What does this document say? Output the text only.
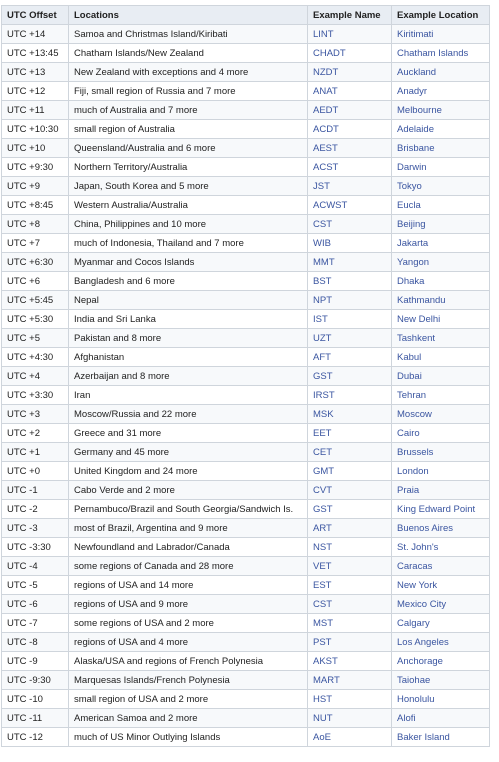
UTC Offset	Locations	Example Name	Example Location
UTC +14	Samoa and Christmas Island/Kiribati	LINT	Kiritimati
UTC +13:45	Chatham Islands/New Zealand	CHADT	Chatham Islands
UTC +13	New Zealand with exceptions and 4 more	NZDT	Auckland
UTC +12	Fiji, small region of Russia and 7 more	ANAT	Anadyr
UTC +11	much of Australia and 7 more	AEDT	Melbourne
UTC +10:30	small region of Australia	ACDT	Adelaide
UTC +10	Queensland/Australia and 6 more	AEST	Brisbane
UTC +9:30	Northern Territory/Australia	ACST	Darwin
UTC +9	Japan, South Korea and 5 more	JST	Tokyo
UTC +8:45	Western Australia/Australia	ACWST	Eucla
UTC +8	China, Philippines and 10 more	CST	Beijing
UTC +7	much of Indonesia, Thailand and 7 more	WIB	Jakarta
UTC +6:30	Myanmar and Cocos Islands	MMT	Yangon
UTC +6	Bangladesh and 6 more	BST	Dhaka
UTC +5:45	Nepal	NPT	Kathmandu
UTC +5:30	India and Sri Lanka	IST	New Delhi
UTC +5	Pakistan and 8 more	UZT	Tashkent
UTC +4:30	Afghanistan	AFT	Kabul
UTC +4	Azerbaijan and 8 more	GST	Dubai
UTC +3:30	Iran	IRST	Tehran
UTC +3	Moscow/Russia and 22 more	MSK	Moscow
UTC +2	Greece and 31 more	EET	Cairo
UTC +1	Germany and 45 more	CET	Brussels
UTC +0	United Kingdom and 24 more	GMT	London
UTC -1	Cabo Verde and 2 more	CVT	Praia
UTC -2	Pernambuco/Brazil and South Georgia/Sandwich Is.	GST	King Edward Point
UTC -3	most of Brazil, Argentina and 9 more	ART	Buenos Aires
UTC -3:30	Newfoundland and Labrador/Canada	NST	St. John's
UTC -4	some regions of Canada and 28 more	VET	Caracas
UTC -5	regions of USA and 14 more	EST	New York
UTC -6	regions of USA and 9 more	CST	Mexico City
UTC -7	some regions of USA and 2 more	MST	Calgary
UTC -8	regions of USA and 4 more	PST	Los Angeles
UTC -9	Alaska/USA and regions of French Polynesia	AKST	Anchorage
UTC -9:30	Marquesas Islands/French Polynesia	MART	Taiohae
UTC -10	small region of USA and 2 more	HST	Honolulu
UTC -11	American Samoa and 2 more	NUT	Alofi
UTC -12	much of US Minor Outlying Islands	AoE	Baker Island
